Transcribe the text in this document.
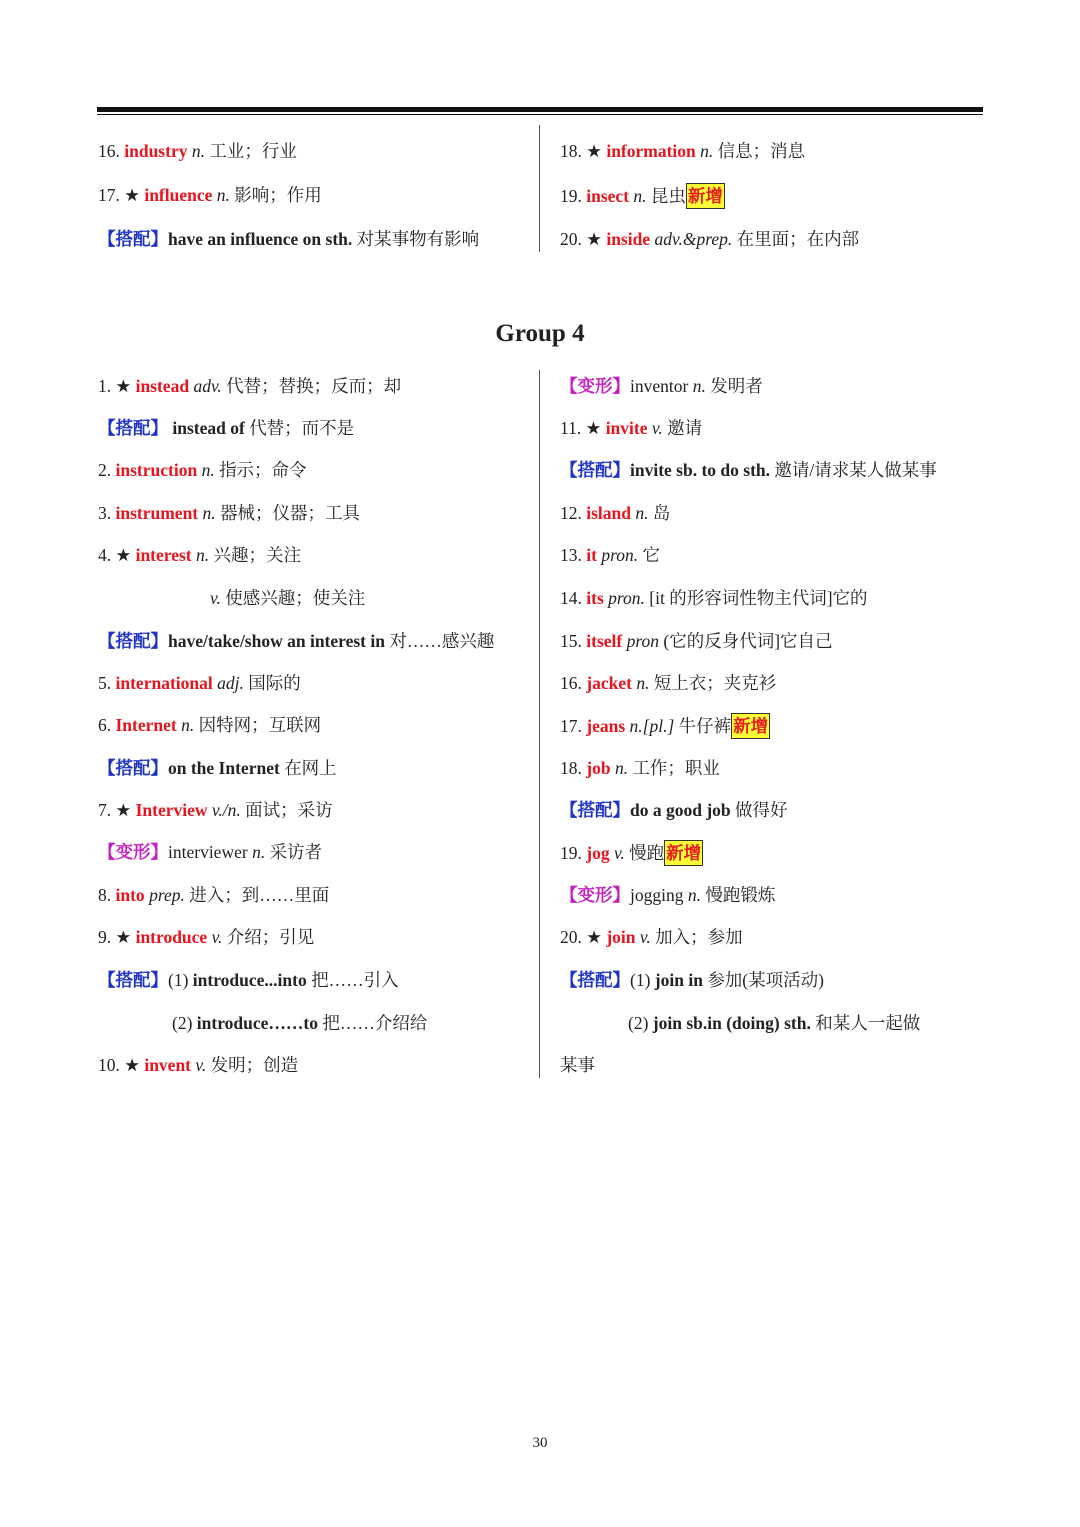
16. industry n. 工业；行业
17. ★ influence n. 影响；作用
【搭配】have an influence on sth. 对某事物有影响
18. ★ information n. 信息；消息
19. insect n. 昆虫 新增
20. ★ inside adv.&prep. 在里面；在内部
Group 4
1. ★ instead adv. 代替；替换；反而；却
【搭配】 instead of 代替；而不是
2. instruction n. 指示；命令
3. instrument n. 器械；仪器；工具
4. ★ interest n. 兴趣；关注
v. 使感兴趣；使关注
【搭配】have/take/show an interest in 对……感兴趣
5. international adj. 国际的
6. Internet n. 因特网；互联网
【搭配】on the Internet 在网上
7. ★ Interview v./n. 面试；采访
【变形】interviewer n. 采访者
8. into prep. 进入；到……里面
9. ★ introduce v. 介绍；引见
【搭配】(1) introduce...into 把……引入
(2) introduce……to 把……介绍给
10. ★ invent v. 发明；创造
【变形】inventor n. 发明者
11. ★ invite v. 邀请
【搭配】invite sb. to do sth. 邀请/请求某人做某事
12. island n. 岛
13. it pron. 它
14. its pron. [it 的形容词性物主代词]它的
15. itself pron (它的反身代词]它自己
16. jacket n. 短上衣；夹克衫
17. jeans n.[pl.] 牛仔裤 新增
18. job n. 工作；职业
【搭配】do a good job 做得好
19. jog v. 慢跑 新增
【变形】jogging n. 慢跑锻炼
20. ★ join v. 加入；参加
【搭配】(1) join in 参加(某项活动)
(2) join sb.in (doing) sth. 和某人一起做
某事
30
